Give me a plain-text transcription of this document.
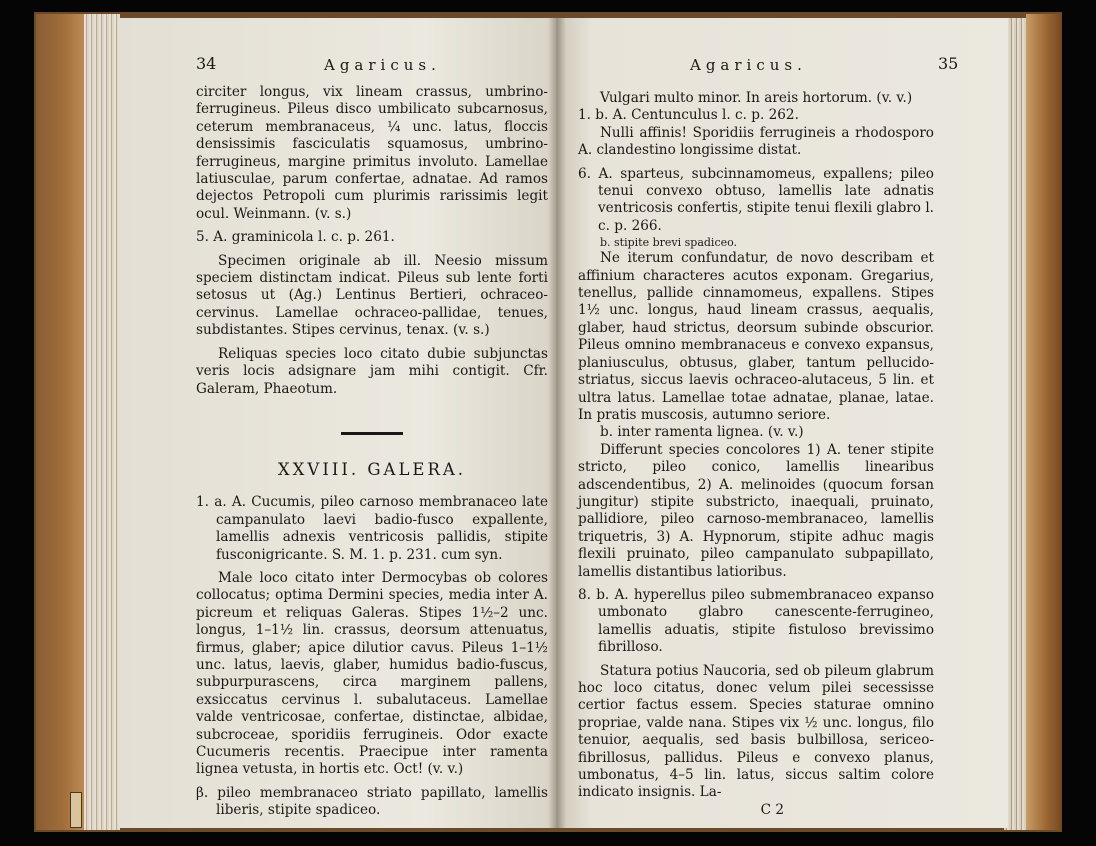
34	Agaricus.

circiter longus, vix lineam crassus, umbrino-ferrugineus. Pileus disco umbilicato subcarnosus, ceterum membranaceus, ¼ unc. latus, floccis densissimis fasciculatis squamosus, umbrino-ferrugineus, margine primitus involuto. Lamellae latiusculae, parum confertae, adnatae. Ad ramos dejectos Petropoli cum plurimis rarissimis legit ocul. Weinmann. (v. s.)

5. A. graminicola l. c. p. 261.

Specimen originale ab ill. Neesio missum speciem distinctam indicat. Pileus sub lente forti setosus ut (Ag.) Lentinus Bertieri, ochraceo-cervinus. Lamellae ochraceo-pallidae, tenues, subdistantes. Stipes cervinus, tenax. (v. s.)

Reliquas species loco citato dubie subjunctas veris locis adsignare jam mihi contigit. Cfr. Galeram, Phaeotum.

XXVIII. GALERA.

1. a. A. Cucumis, pileo carnoso membranaceo late campanulato laevi badio-fusco expallente, lamellis adnexis ventricosis pallidis, stipite fusconigricante. S. M. 1. p. 231. cum syn.

Male loco citato inter Dermocybas ob colores collocatus; optima Dermini species, media inter A. picreum et reliquas Galeras. Stipes 1½–2 unc. longus, 1–1½ lin. crassus, deorsum attenuatus, firmus, glaber; apice dilutior cavus. Pileus 1–1½ unc. latus, laevis, glaber, humidus badio-fuscus, subpurpurascens, circa marginem pallens, exsiccatus cervinus l. subalutaceus. Lamellae valde ventricosae, confertae, distinctae, albidae, subcroceae, sporidiis ferrugineis. Odor exacte Cucumeris recentis. Praecipue inter ramenta lignea vetusta, in hortis etc. Oct! (v. v.)

β. pileo membranaceo striato papillato, lamellis liberis, stipite spadiceo.

Agaricus.	35

Vulgari multo minor. In areis hortorum. (v. v.)

1. b. A. Centunculus l. c. p. 262.

Nulli affinis! Sporidiis ferrugineis a rhodosporo A. clandestino longissime distat.

6. A. sparteus, subcinnamomeus, expallens; pileo tenui convexo obtuso, lamellis late adnatis ventricosis confertis, stipite tenui flexili glabro l. c. p. 266.

b. stipite brevi spadiceo.

Ne iterum confundatur, de novo describam et affinium characteres acutos exponam. Gregarius, tenellus, pallide cinnamomeus, expallens. Stipes 1½ unc. longus, haud lineam crassus, aequalis, glaber, haud strictus, deorsum subinde obscurior. Pileus omnino membranaceus e convexo expansus, planiusculus, obtusus, glaber, tantum pellucido-striatus, siccus laevis ochraceo-alutaceus, 5 lin. et ultra latus. Lamellae totae adnatae, planae, latae. In pratis muscosis, autumno seriore.

b. inter ramenta lignea. (v. v.)

Differunt species concolores 1) A. tener stipite stricto, pileo conico, lamellis linearibus adscendentibus, 2) A. melinoides (quocum forsan jungitur) stipite substricto, inaequali, pruinato, pallidiore, pileo carnoso-membranaceo, lamellis triquetris, 3) A. Hypnorum, stipite adhuc magis flexili pruinato, pileo campanulato subpapillato, lamellis distantibus latioribus.

8. b. A. hyperellus pileo submembranaceo expanso umbonato glabro canescente-ferrugineo, lamellis aduatis, stipite fistuloso brevissimo fibrilloso.

Statura potius Naucoria, sed ob pileum glabrum hoc loco citatus, donec velum pilei secessisse certior factus essem. Species staturae omnino propriae, valde nana. Stipes vix ½ unc. longus, filo tenuior, aequalis, sed basis bulbillosa, sericeo-fibrillosus, pallidus. Pileus e convexo planus, umbonatus, 4–5 lin. latus, siccus saltim colore indicato insignis. La-

C 2
